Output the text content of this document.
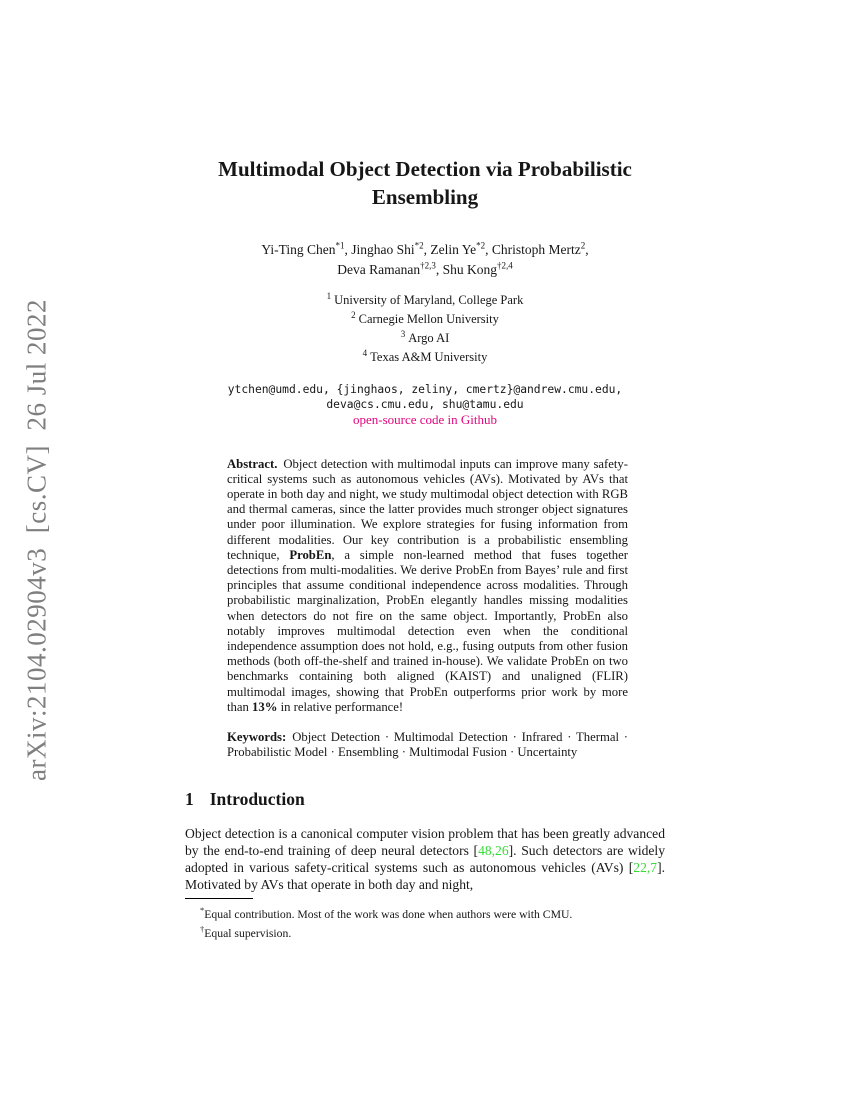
arXiv:2104.02904v3  [cs.CV]  26 Jul 2022
Multimodal Object Detection via Probabilistic
Ensembling

Yi-Ting Chen$^{*1}$, Jinghao Shi$^{*2}$, Zelin Ye$^{*2}$, Christoph Mertz$^2$,
Deva Ramanan$^{\dagger 2,3}$, Shu Kong$^{\dagger 2,4}$

$^1$ University of Maryland, College Park
$^2$ Carnegie Mellon University
$^3$ Argo AI
$^4$ Texas A&M University
ytchen@umd.edu, {jinghaos, zeliny, cmertz}@andrew.cmu.edu,
deva@cs.cmu.edu, shu@tamu.edu
open-source code in Github

Abstract. Object detection with multimodal inputs can improve many safety-critical systems such as autonomous vehicles (AVs). Motivated by AVs that operate in both day and night, we study multimodal object detection with RGB and thermal cameras, since the latter provides much stronger object signatures under poor illumination. We explore strategies for fusing information from different modalities. Our key contribution is a probabilistic ensembling technique, ProbEn, a simple non-learned method that fuses together detections from multi-modalities. We derive ProbEn from Bayes’ rule and first principles that assume conditional independence across modalities. Through probabilistic marginalization, ProbEn elegantly handles missing modalities when detectors do not fire on the same object. Importantly, ProbEn also notably improves multimodal detection even when the conditional independence assumption does not hold, e.g., fusing outputs from other fusion methods (both off-the-shelf and trained in-house). We validate ProbEn on two benchmarks containing both aligned (KAIST) and unaligned (FLIR) multimodal images, showing that ProbEn outperforms prior work by more than 13% in relative performance!

Keywords: Object Detection · Multimodal Detection · Infrared · Thermal · Probabilistic Model · Ensembling · Multimodal Fusion · Uncertainty

1 Introduction

Object detection is a canonical computer vision problem that has been greatly advanced by the end-to-end training of deep neural detectors [48,26]. Such detectors are widely adopted in various safety-critical systems such as autonomous vehicles (AVs) [22,7]. Motivated by AVs that operate in both day and night,

*Equal contribution. Most of the work was done when authors were with CMU.
†Equal supervision.
